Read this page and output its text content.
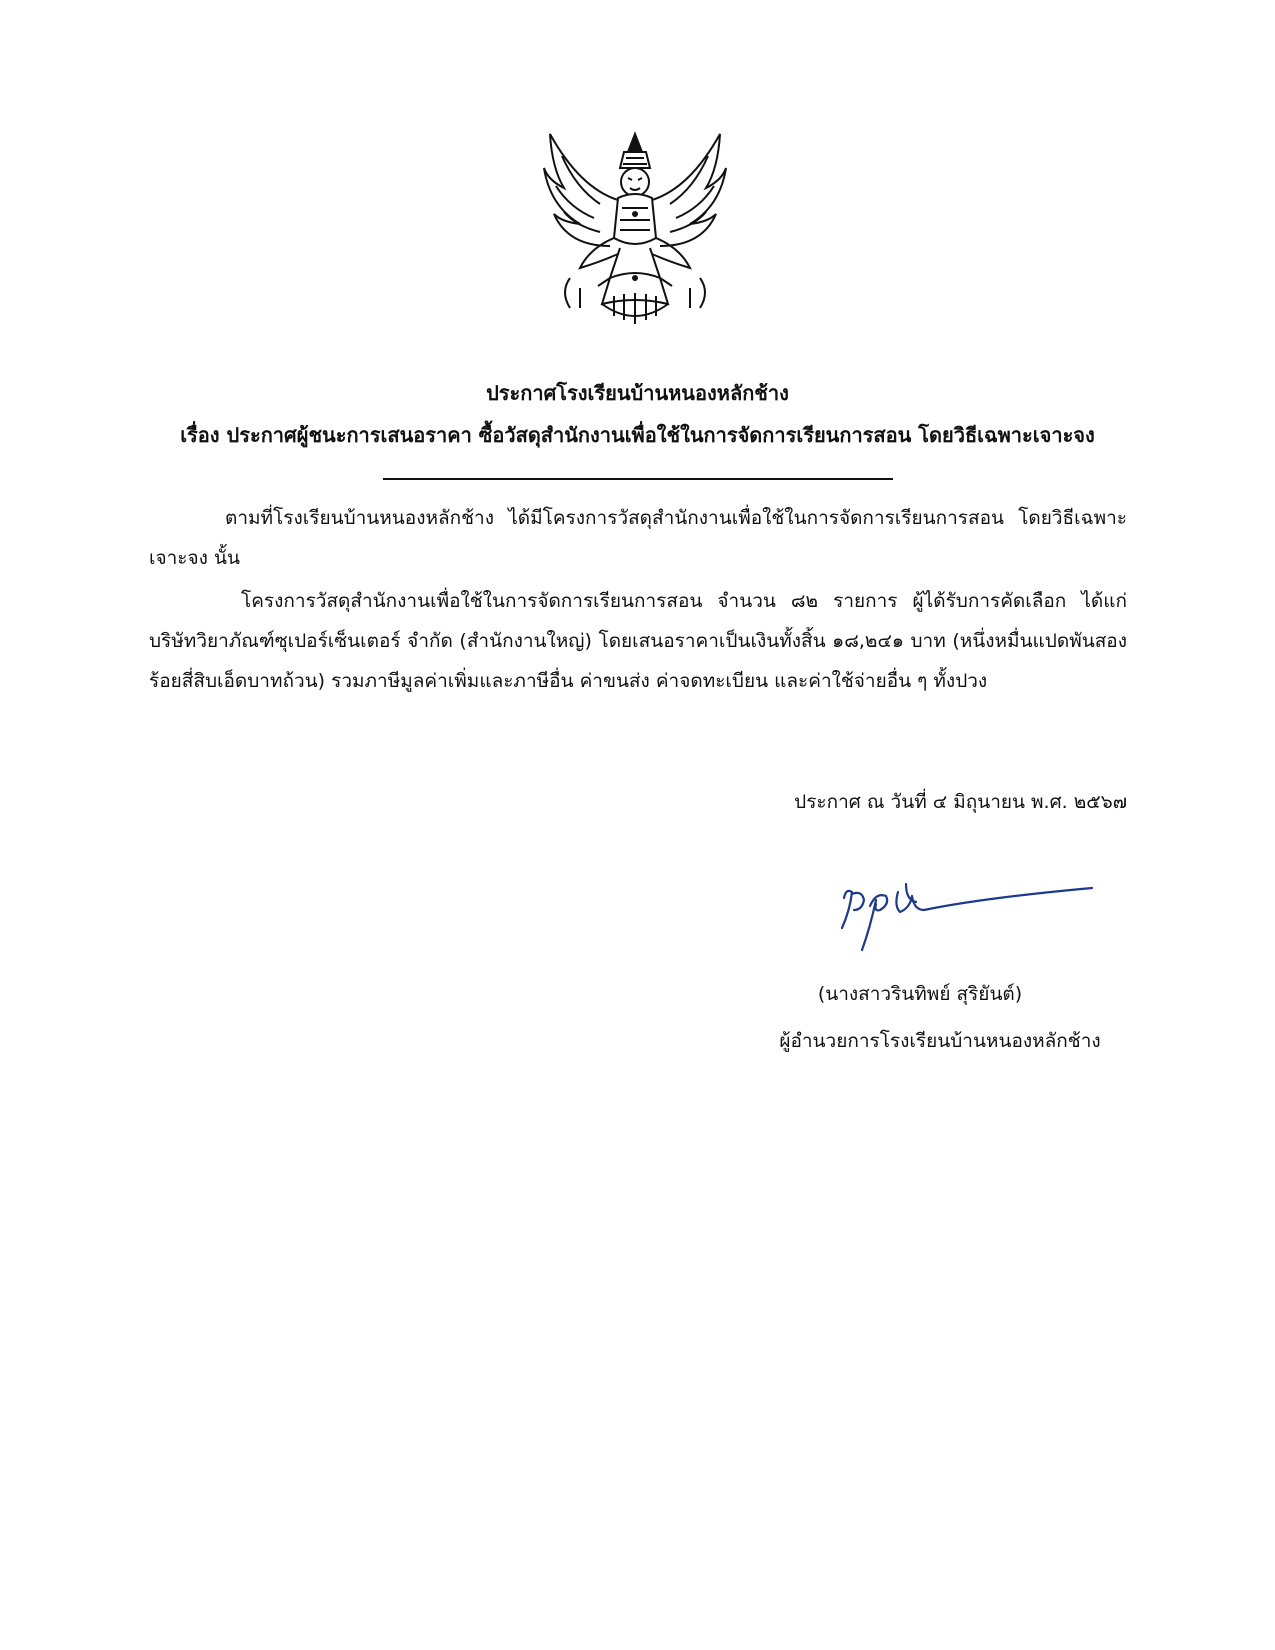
ประกาศโรงเรียนบ้านหนองหลักช้าง
เรื่อง ประกาศผู้ชนะการเสนอราคา ซื้อวัสดุสำนักงานเพื่อใช้ในการจัดการเรียนการสอน โดยวิธีเฉพาะเจาะจง
ตามที่โรงเรียนบ้านหนองหลักช้าง ได้มีโครงการวัสดุสำนักงานเพื่อใช้ในการจัดการเรียนการสอน โดยวิธีเฉพาะเจาะจง นั้น
โครงการวัสดุสำนักงานเพื่อใช้ในการจัดการเรียนการสอน จำนวน ๘๒ รายการ ผู้ได้รับการคัดเลือก ได้แก่ บริษัทวิยาภัณฑ์ซุเปอร์เซ็นเตอร์ จำกัด (สำนักงานใหญ่) โดยเสนอราคาเป็นเงินทั้งสิ้น ๑๘,๒๔๑ บาท (หนึ่งหมื่นแปดพันสองร้อยสี่สิบเอ็ดบาทถ้วน) รวมภาษีมูลค่าเพิ่มและภาษีอื่น ค่าขนส่ง ค่าจดทะเบียน และค่าใช้จ่ายอื่น ๆ ทั้งปวง
ประกาศ ณ วันที่ ๔ มิถุนายน พ.ศ. ๒๕๖๗
(นางสาวรินทิพย์ สุริยันต์)
ผู้อำนวยการโรงเรียนบ้านหนองหลักช้าง
